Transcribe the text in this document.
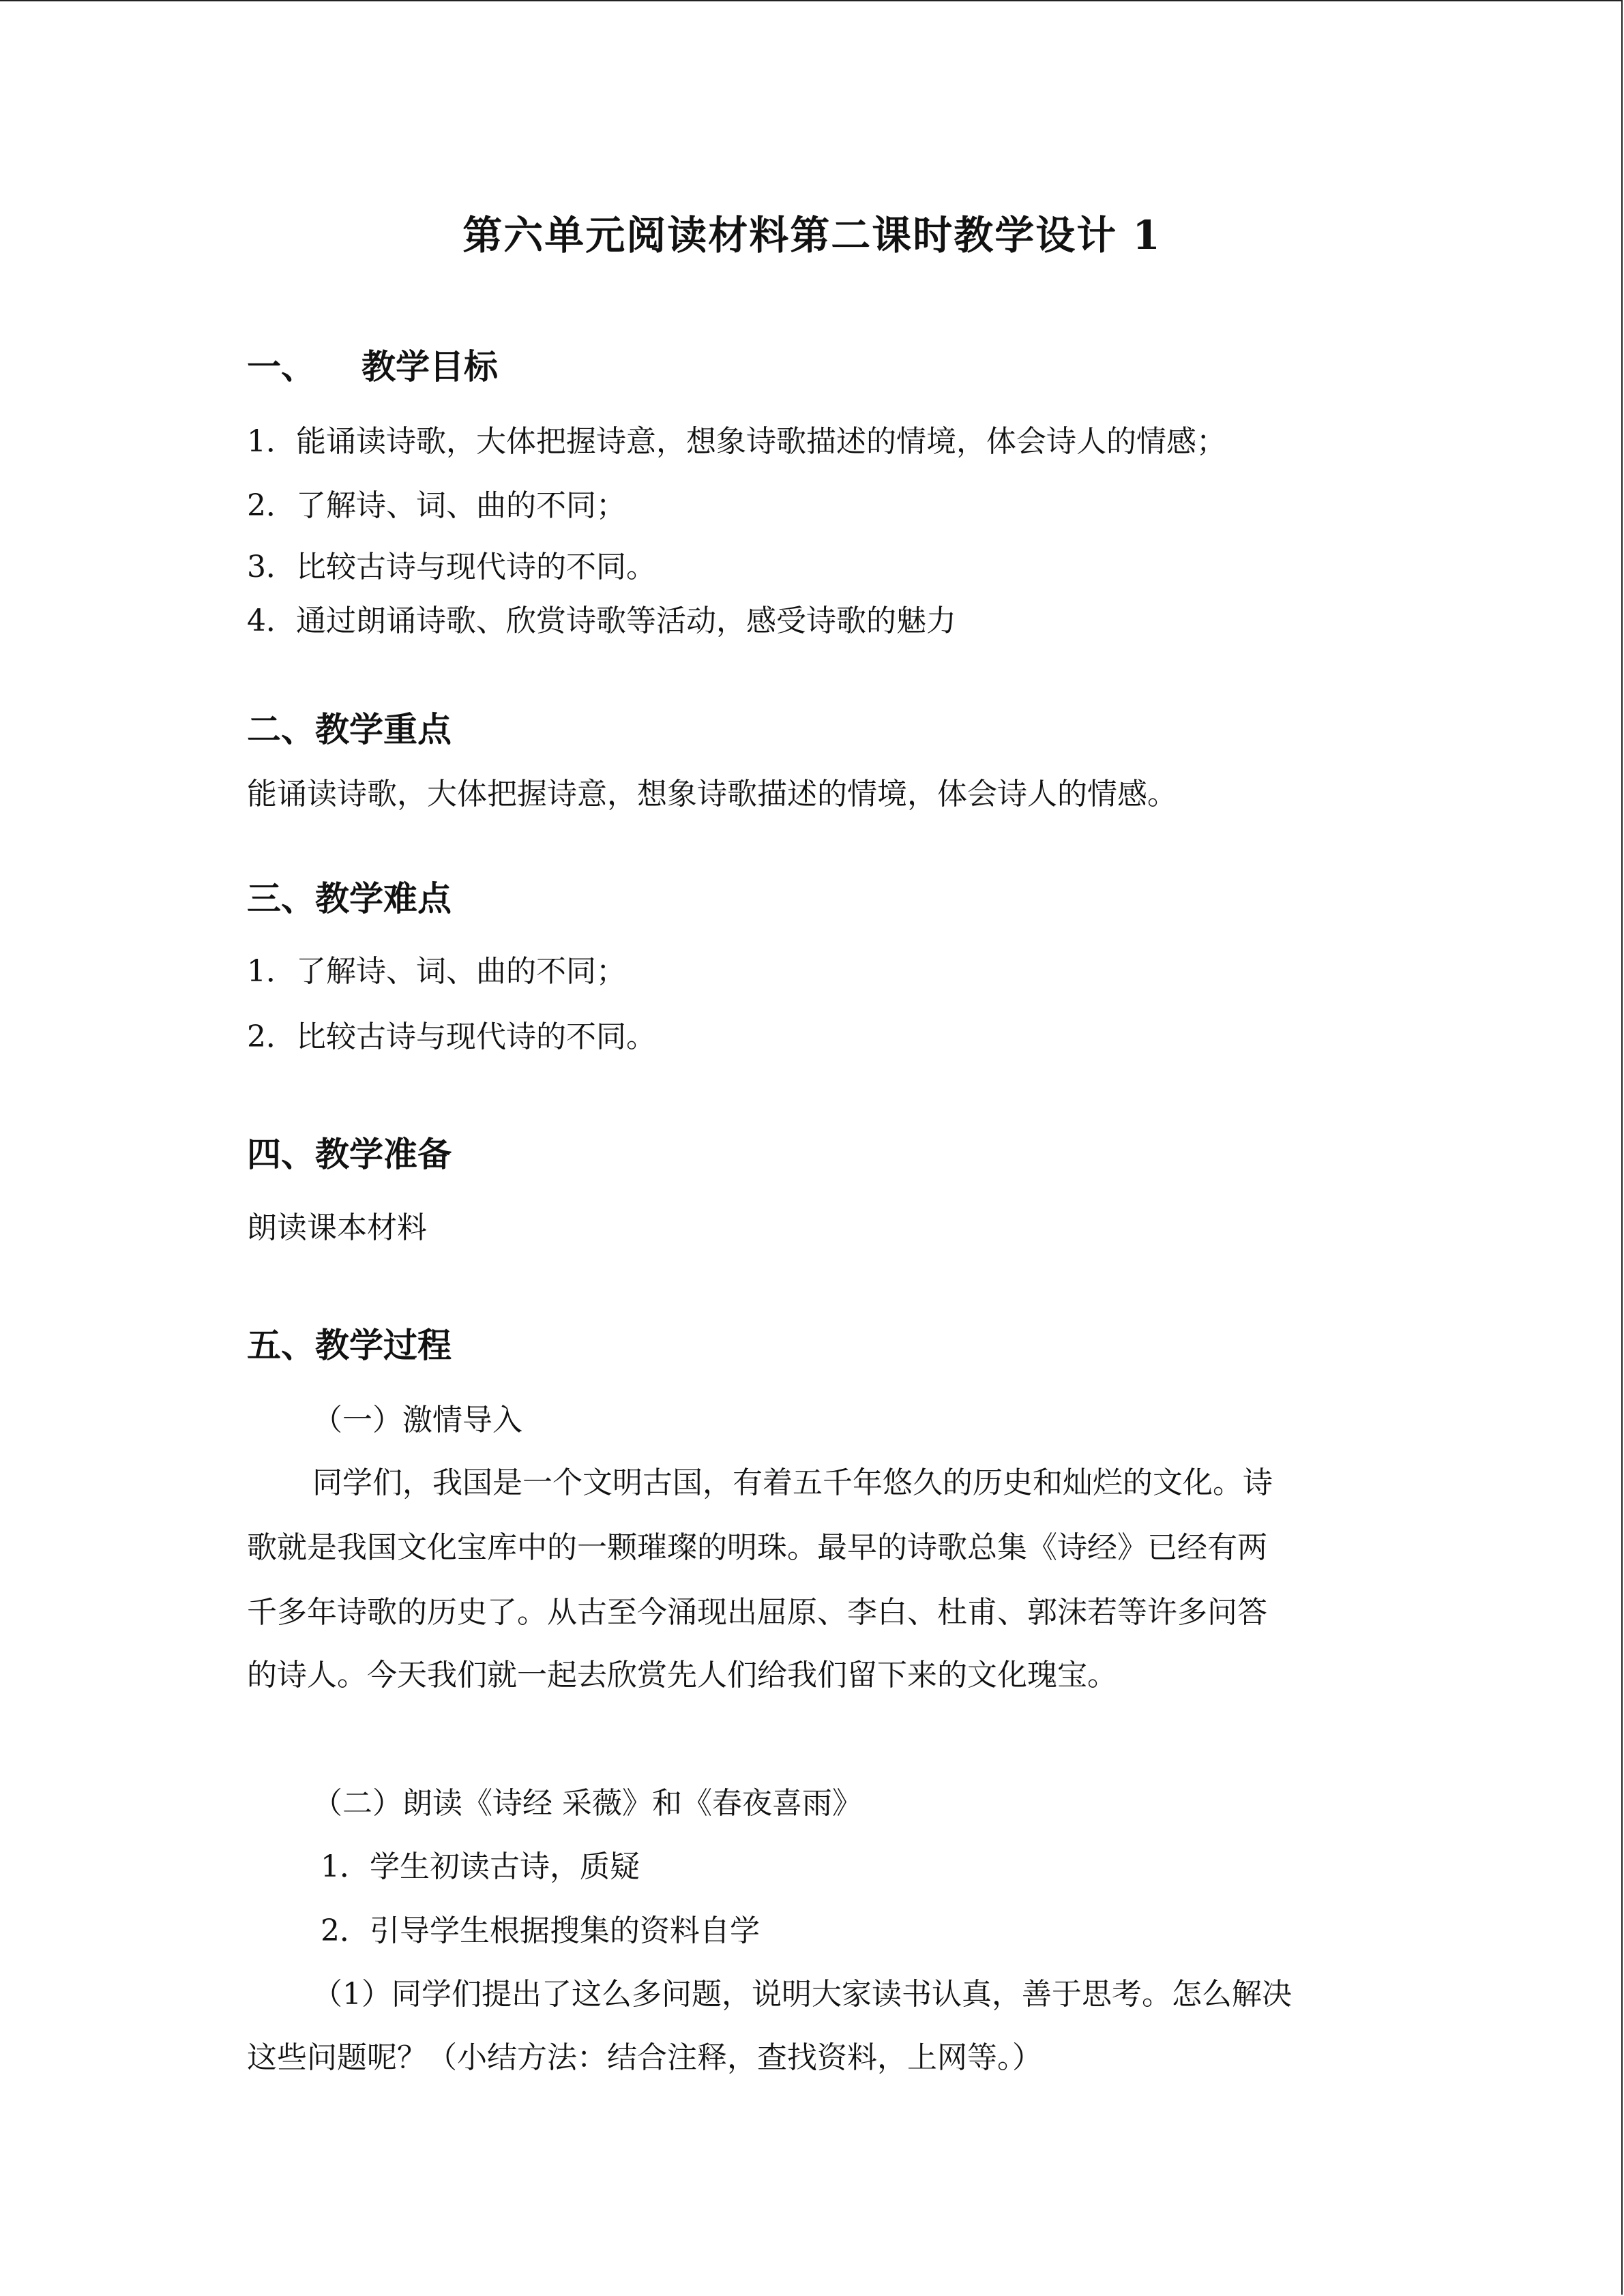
第六单元阅读材料第二课时教学设计 1
一、 教学目标
1．能诵读诗歌，大体把握诗意，想象诗歌描述的情境，体会诗人的情感；
2．了解诗、词、曲的不同；
3．比较古诗与现代诗的不同。
4．通过朗诵诗歌、欣赏诗歌等活动，感受诗歌的魅力
二、教学重点
能诵读诗歌，大体把握诗意，想象诗歌描述的情境，体会诗人的情感。
三、教学难点
1．了解诗、词、曲的不同；
2．比较古诗与现代诗的不同。
四、教学准备
朗读课本材料
五、教学过程
（一）激情导入
同学们，我国是一个文明古国，有着五千年悠久的历史和灿烂的文化。诗
歌就是我国文化宝库中的一颗璀璨的明珠。最早的诗歌总集《诗经》已经有两
千多年诗歌的历史了。从古至今涌现出屈原、李白、杜甫、郭沫若等许多问答
的诗人。今天我们就一起去欣赏先人们给我们留下来的文化瑰宝。
（二）朗读《诗经 采薇》和《春夜喜雨》
1．学生初读古诗，质疑
2．引导学生根据搜集的资料自学
（1）同学们提出了这么多问题，说明大家读书认真，善于思考。怎么解决
这些问题呢？（小结方法：结合注释，查找资料，上网等。）
